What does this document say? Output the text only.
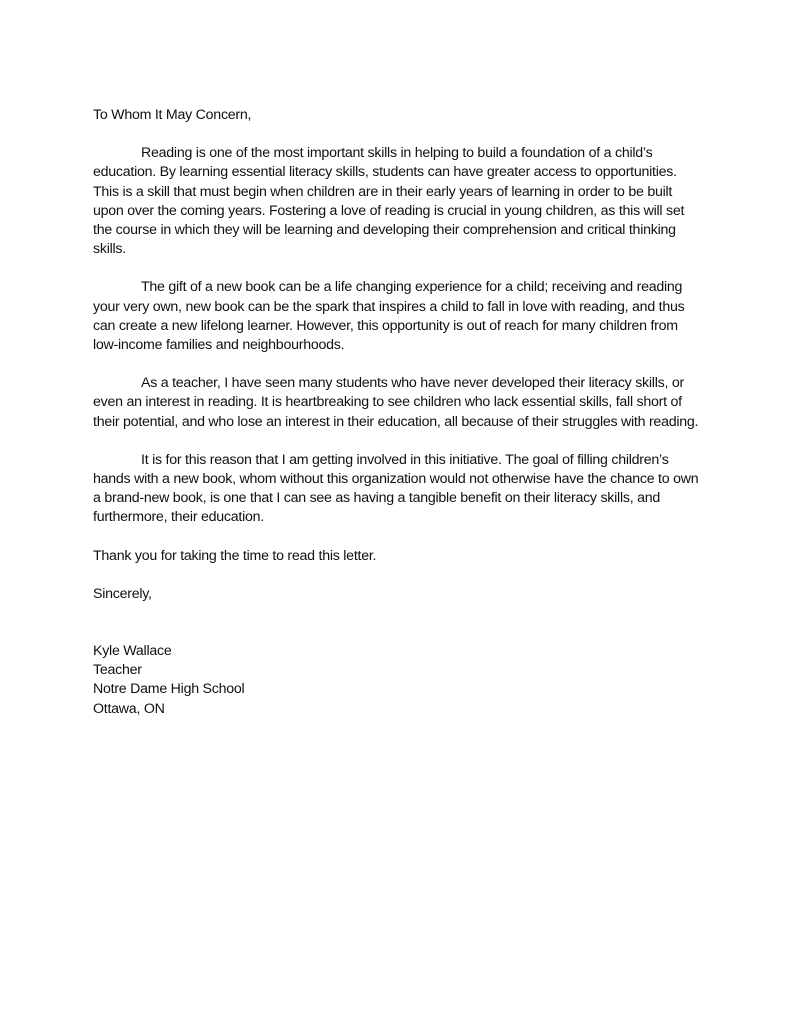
To Whom It May Concern,

Reading is one of the most important skills in helping to build a foundation of a child’s education. By learning essential literacy skills, students can have greater access to opportunities. This is a skill that must begin when children are in their early years of learning in order to be built upon over the coming years. Fostering a love of reading is crucial in young children, as this will set the course in which they will be learning and developing their comprehension and critical thinking skills.

The gift of a new book can be a life changing experience for a child; receiving and reading your very own, new book can be the spark that inspires a child to fall in love with reading, and thus can create a new lifelong learner. However, this opportunity is out of reach for many children from low-income families and neighbourhoods.

As a teacher, I have seen many students who have never developed their literacy skills, or even an interest in reading. It is heartbreaking to see children who lack essential skills, fall short of their potential, and who lose an interest in their education, all because of their struggles with reading.

It is for this reason that I am getting involved in this initiative. The goal of filling children’s hands with a new book, whom without this organization would not otherwise have the chance to own a brand-new book, is one that I can see as having a tangible benefit on their literacy skills, and furthermore, their education.

Thank you for taking the time to read this letter.

Sincerely,

Kyle Wallace

Teacher

Notre Dame High School

Ottawa, ON
